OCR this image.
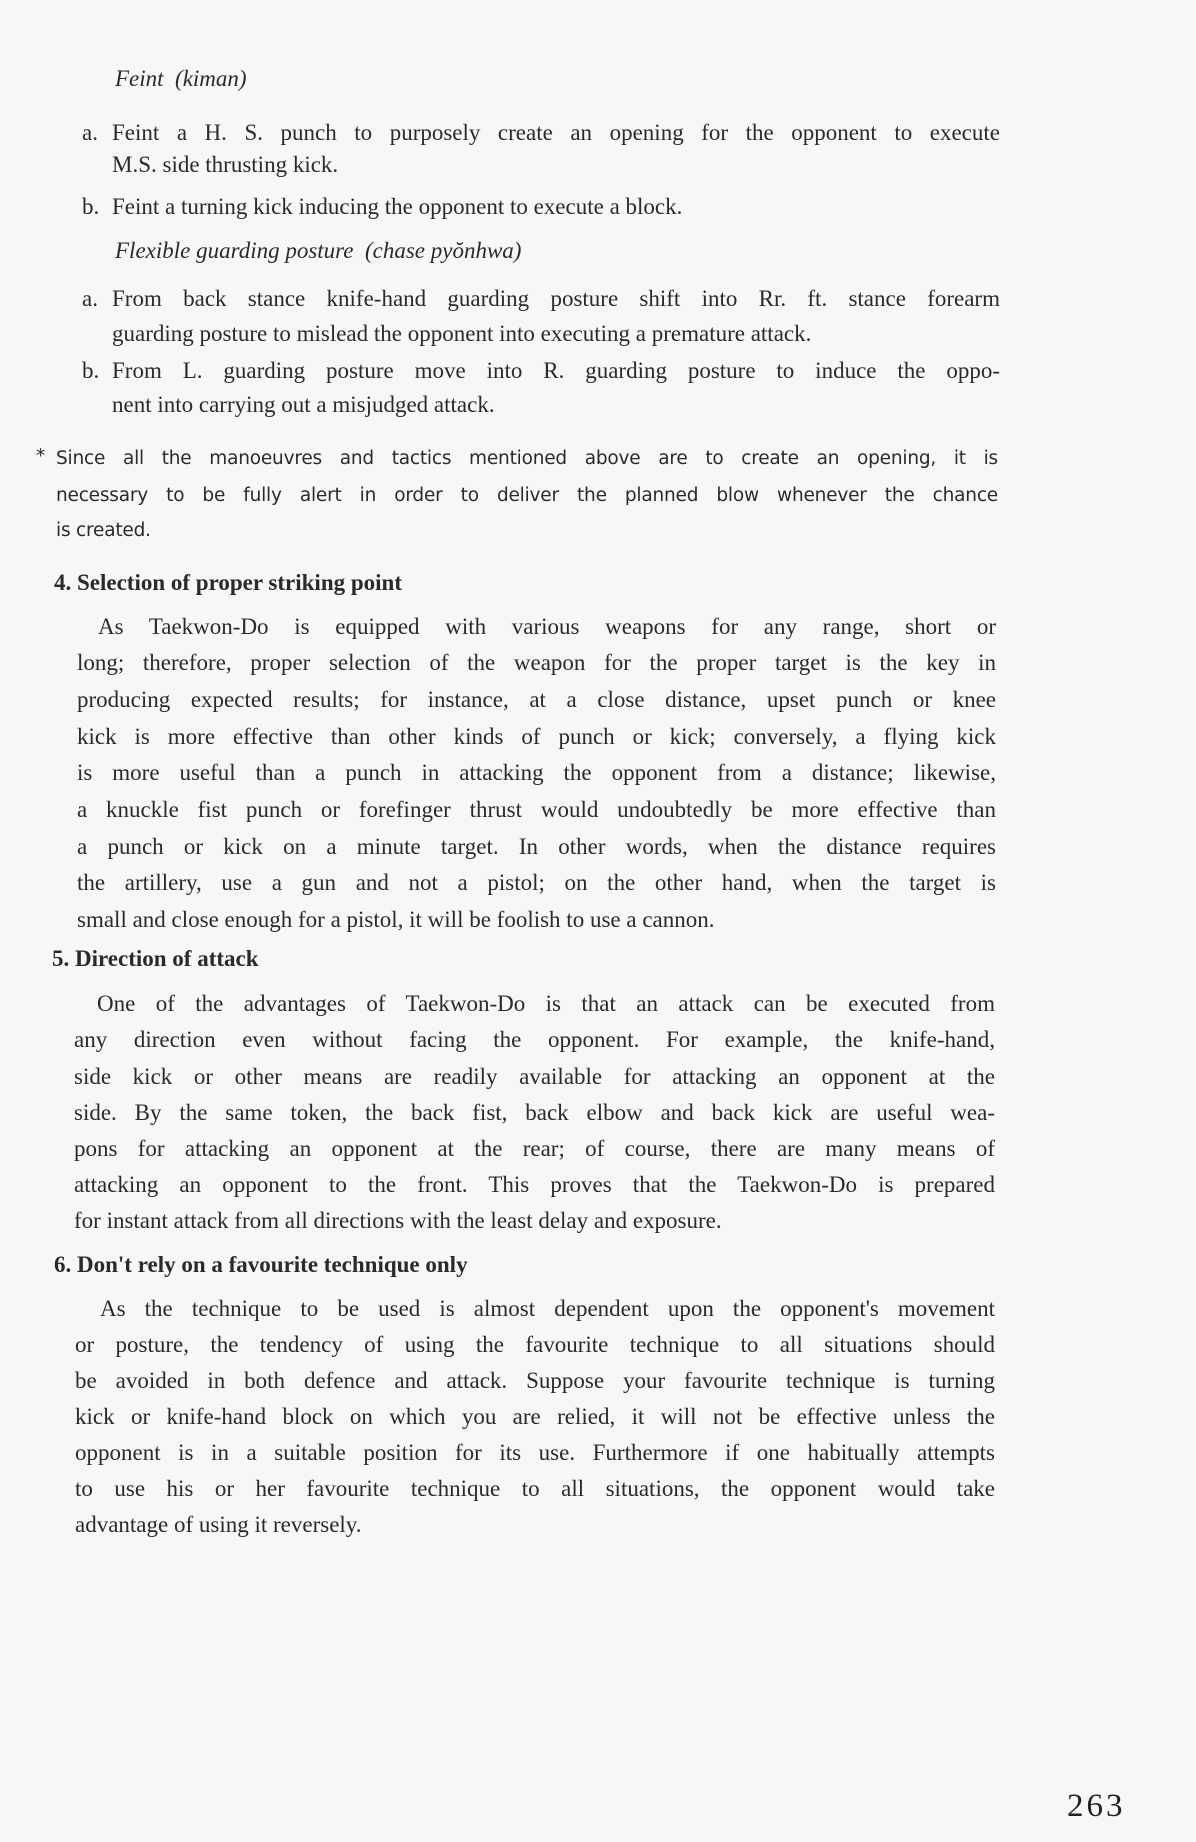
Feint (kiman)
a. Feint a H. S. punch to purposely create an opening for the opponent to execute
M.S. side thrusting kick.
b. Feint a turning kick inducing the opponent to execute a block.
Flexible guarding posture (chase pyŏnhwa)
a. From back stance knife-hand guarding posture shift into Rr. ft. stance forearm
guarding posture to mislead the opponent into executing a premature attack.
b. From L. guarding posture move into R. guarding posture to induce the oppo-
nent into carrying out a misjudged attack.
* Since all the manoeuvres and tactics mentioned above are to create an opening, it is
necessary to be fully alert in order to deliver the planned blow whenever the chance
is created.
4. Selection of proper striking point
As Taekwon-Do is equipped with various weapons for any range, short or
long; therefore, proper selection of the weapon for the proper target is the key in
producing expected results; for instance, at a close distance, upset punch or knee
kick is more effective than other kinds of punch or kick; conversely, a flying kick
is more useful than a punch in attacking the opponent from a distance; likewise,
a knuckle fist punch or forefinger thrust would undoubtedly be more effective than
a punch or kick on a minute target. In other words, when the distance requires
the artillery, use a gun and not a pistol; on the other hand, when the target is
small and close enough for a pistol, it will be foolish to use a cannon.
5. Direction of attack
One of the advantages of Taekwon-Do is that an attack can be executed from
any direction even without facing the opponent. For example, the knife-hand,
side kick or other means are readily available for attacking an opponent at the
side. By the same token, the back fist, back elbow and back kick are useful wea-
pons for attacking an opponent at the rear; of course, there are many means of
attacking an opponent to the front. This proves that the Taekwon-Do is prepared
for instant attack from all directions with the least delay and exposure.
6. Don't rely on a favourite technique only
As the technique to be used is almost dependent upon the opponent's movement
or posture, the tendency of using the favourite technique to all situations should
be avoided in both defence and attack. Suppose your favourite technique is turning
kick or knife-hand block on which you are relied, it will not be effective unless the
opponent is in a suitable position for its use. Furthermore if one habitually attempts
to use his or her favourite technique to all situations, the opponent would take
advantage of using it reversely.
263
